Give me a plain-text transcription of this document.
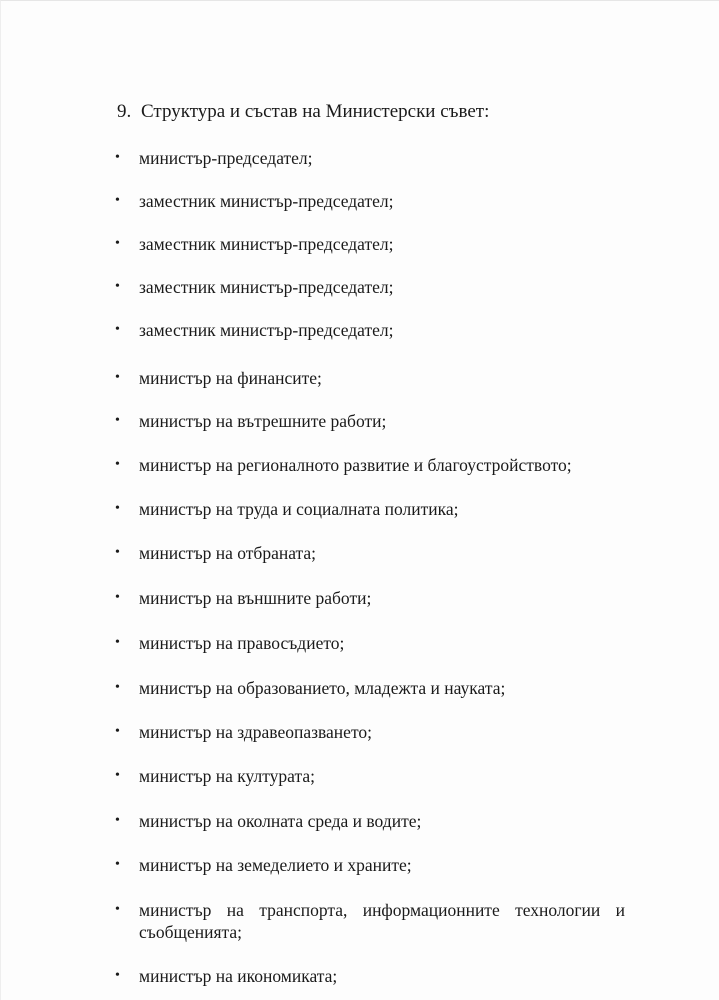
9. Структура и състав на Министерски съвет:
•	министър-председател;
•	заместник министър-председател;
•	заместник министър-председател;
•	заместник министър-председател;
•	заместник министър-председател;
•	министър на финансите;
•	министър на вътрешните работи;
•	министър на регионалното развитие и благоустройството;
•	министър на труда и социалната политика;
•	министър на отбраната;
•	министър на външните работи;
•	министър на правосъдието;
•	министър на образованието, младежта и науката;
•	министър на здравеопазването;
•	министър на културата;
•	министър на околната среда и водите;
•	министър на земеделието и храните;
•	министър на транспорта, информационните технологии и съобщенията;
•	министър на икономиката;
